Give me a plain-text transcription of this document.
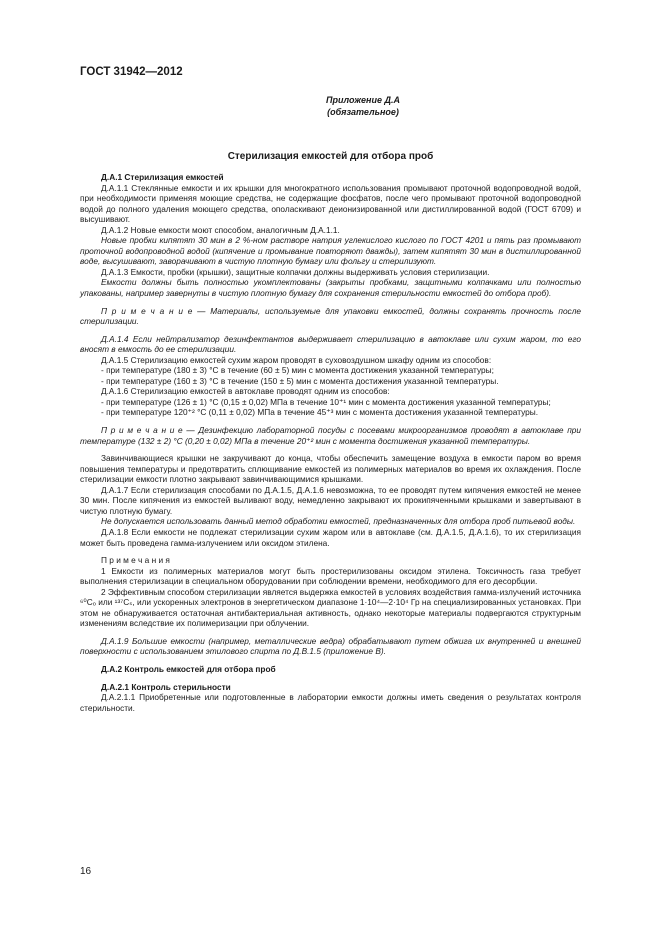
ГОСТ 31942—2012
Приложение Д.А
(обязательное)
Стерилизация емкостей для отбора проб

Д.А.1 Стерилизация емкостей

Д.А.1.1 Стеклянные емкости и их крышки для многократного использования промывают проточной водопроводной водой, при необходимости применяя моющие средства, не содержащие фосфатов, после чего промывают проточной водопроводной водой до полного удаления моющего средства, ополаскивают деионизированной или дистиллированной водой (ГОСТ 6709) и высушивают.

Д.А.1.2 Новые емкости моют способом, аналогичным Д.А.1.1.

Новые пробки кипятят 30 мин в 2 %-ном растворе натрия углекислого кислого по ГОСТ 4201 и пять раз промывают проточной водопроводной водой (кипячение и промывание повторяют дважды), затем кипятят 30 мин в дистиллированной воде, высушивают, заворачивают в чистую плотную бумагу или фольгу и стерилизуют.

Д.А.1.3 Емкости, пробки (крышки), защитные колпачки должны выдерживать условия стерилизации.

Емкости должны быть полностью укомплектованы (закрыты пробками, защитными колпачками или полностью упакованы, например завернуты в чистую плотную бумагу для сохранения стерильности емкостей до отбора проб).

П р и м е ч а н и е — Материалы, используемые для упаковки емкостей, должны сохранять прочность после стерилизации.

Д.А.1.4 Если нейтрализатор дезинфектантов выдерживает стерилизацию в автоклаве или сухим жаром, то его вносят в емкость до ее стерилизации.

Д.А.1.5 Стерилизацию емкостей сухим жаром проводят в суховоздушном шкафу одним из способов:

- при температуре (180 ± 3) °С в течение (60 ± 5) мин с момента достижения указанной температуры;

- при температуре (160 ± 3) °С в течение (150 ± 5) мин с момента достижения указанной температуры.

Д.А.1.6 Стерилизацию емкостей в автоклаве проводят одним из способов:

- при температуре (126 ± 1) °С (0,15 ± 0,02) МПа в течение 10⁺¹ мин с момента достижения указанной температуры;

- при температуре 120⁺² °С (0,11 ± 0,02) МПа в течение 45⁺³ мин с момента достижения указанной температуры.

П р и м е ч а н и е — Дезинфекцию лабораторной посуды с посевами микроорганизмов проводят в автоклаве при температуре (132 ± 2) °С (0,20 ± 0,02) МПа в течение 20⁺² мин с момента достижения указанной температуры.

Завинчивающиеся крышки не закручивают до конца, чтобы обеспечить замещение воздуха в емкости паром во время повышения температуры и предотвратить сплющивание емкостей из полимерных материалов во время их охлаждения. После стерилизации емкости плотно закрывают завинчивающимися крышками.

Д.А.1.7 Если стерилизация способами по Д.А.1.5, Д.А.1.6 невозможна, то ее проводят путем кипячения емкостей не менее 30 мин. После кипячения из емкостей выливают воду, немедленно закрывают их прокипяченными крышками и завертывают в чистую плотную бумагу.

Не допускается использовать данный метод обработки емкостей, предназначенных для отбора проб питьевой воды.

Д.А.1.8 Если емкости не подлежат стерилизации сухим жаром или в автоклаве (см. Д.А.1.5, Д.А.1.6), то их стерилизация может быть проведена гамма-излучением или оксидом этилена.

П р и м е ч а н и я

1 Емкости из полимерных материалов могут быть простерилизованы оксидом этилена. Токсичность газа требует выполнения стерилизации в специальном оборудовании при соблюдении времени, необходимого для его десорбции.

2 Эффективным способом стерилизации является выдержка емкостей в условиях воздействия гамма-излучений источника ⁶⁰Cₒ или ¹³⁷Cₛ, или ускоренных электронов в энергетическом диапазоне 1·10⁴—2·10⁴ Гр на специализированных установках. При этом не обнаруживается остаточная антибактериальная активность, однако некоторые материалы подвергаются структурным изменениям вследствие их полимеризации при облучении.

Д.А.1.9 Большие емкости (например, металлические ведра) обрабатывают путем обжига их внутренней и внешней поверхности с использованием этилового спирта по Д.В.1.5 (приложение В).

Д.А.2 Контроль емкостей для отбора проб

Д.А.2.1 Контроль стерильности

Д.А.2.1.1 Приобретенные или подготовленные в лаборатории емкости должны иметь сведения о результатах контроля стерильности.

16
